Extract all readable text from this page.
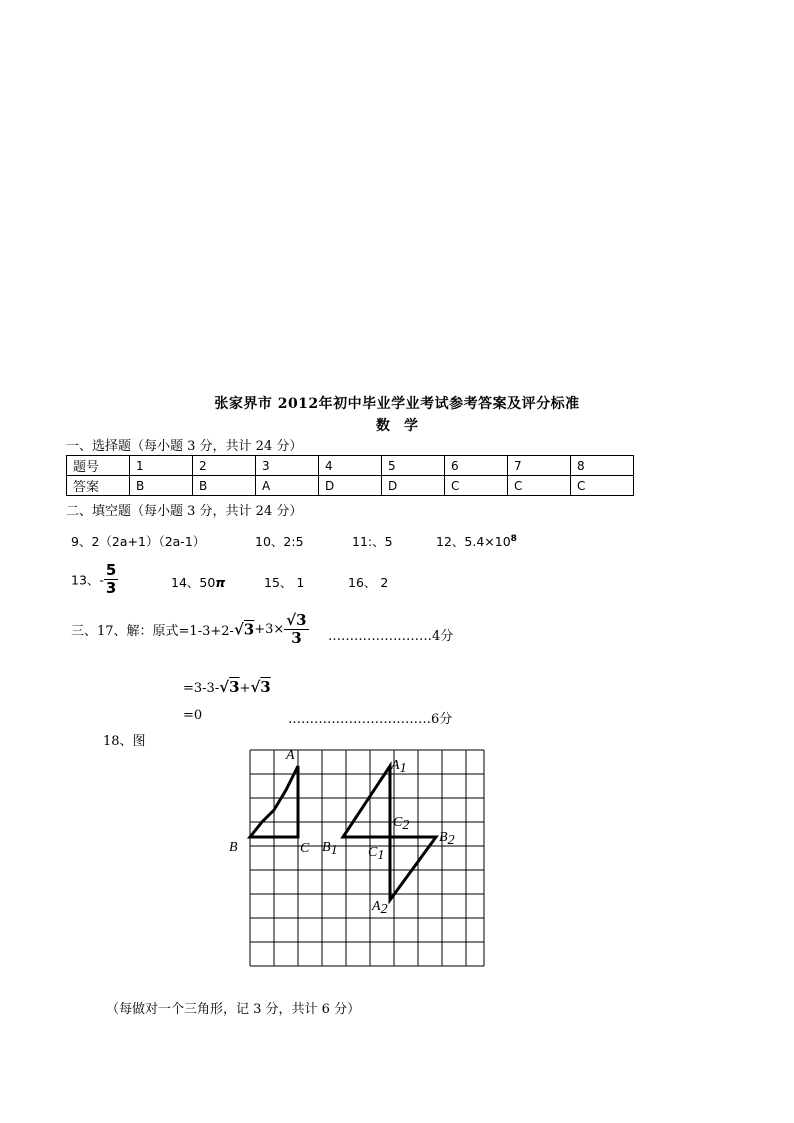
张家界市 2012年初中毕业学业考试参考答案及评分标准
数　学
一、选择题（每小题 3 分，共计 24 分）
题号	1	2	3	4	5	6	7	8
答案	B	B	A	D	D	C	C	C
二、填空题（每小题 3 分，共计 24 分）
9、2（2a+1）（2a-1）	10、2:5	11:、5	12、$5.4\times 10^8$
13、- $\frac{5}{3}$	14、50π	15、 1	16、 2
三、17、解：原式$=1-3+2-√3+3\times \frac{√3}{3}$ ……………………4分
=3-3-√3+√3
=0	……………………………6分
18、图
A
B	C
A1
B1 C1
C2
B2
A2
（每做对一个三角形，记 3 分，共计 6 分）
